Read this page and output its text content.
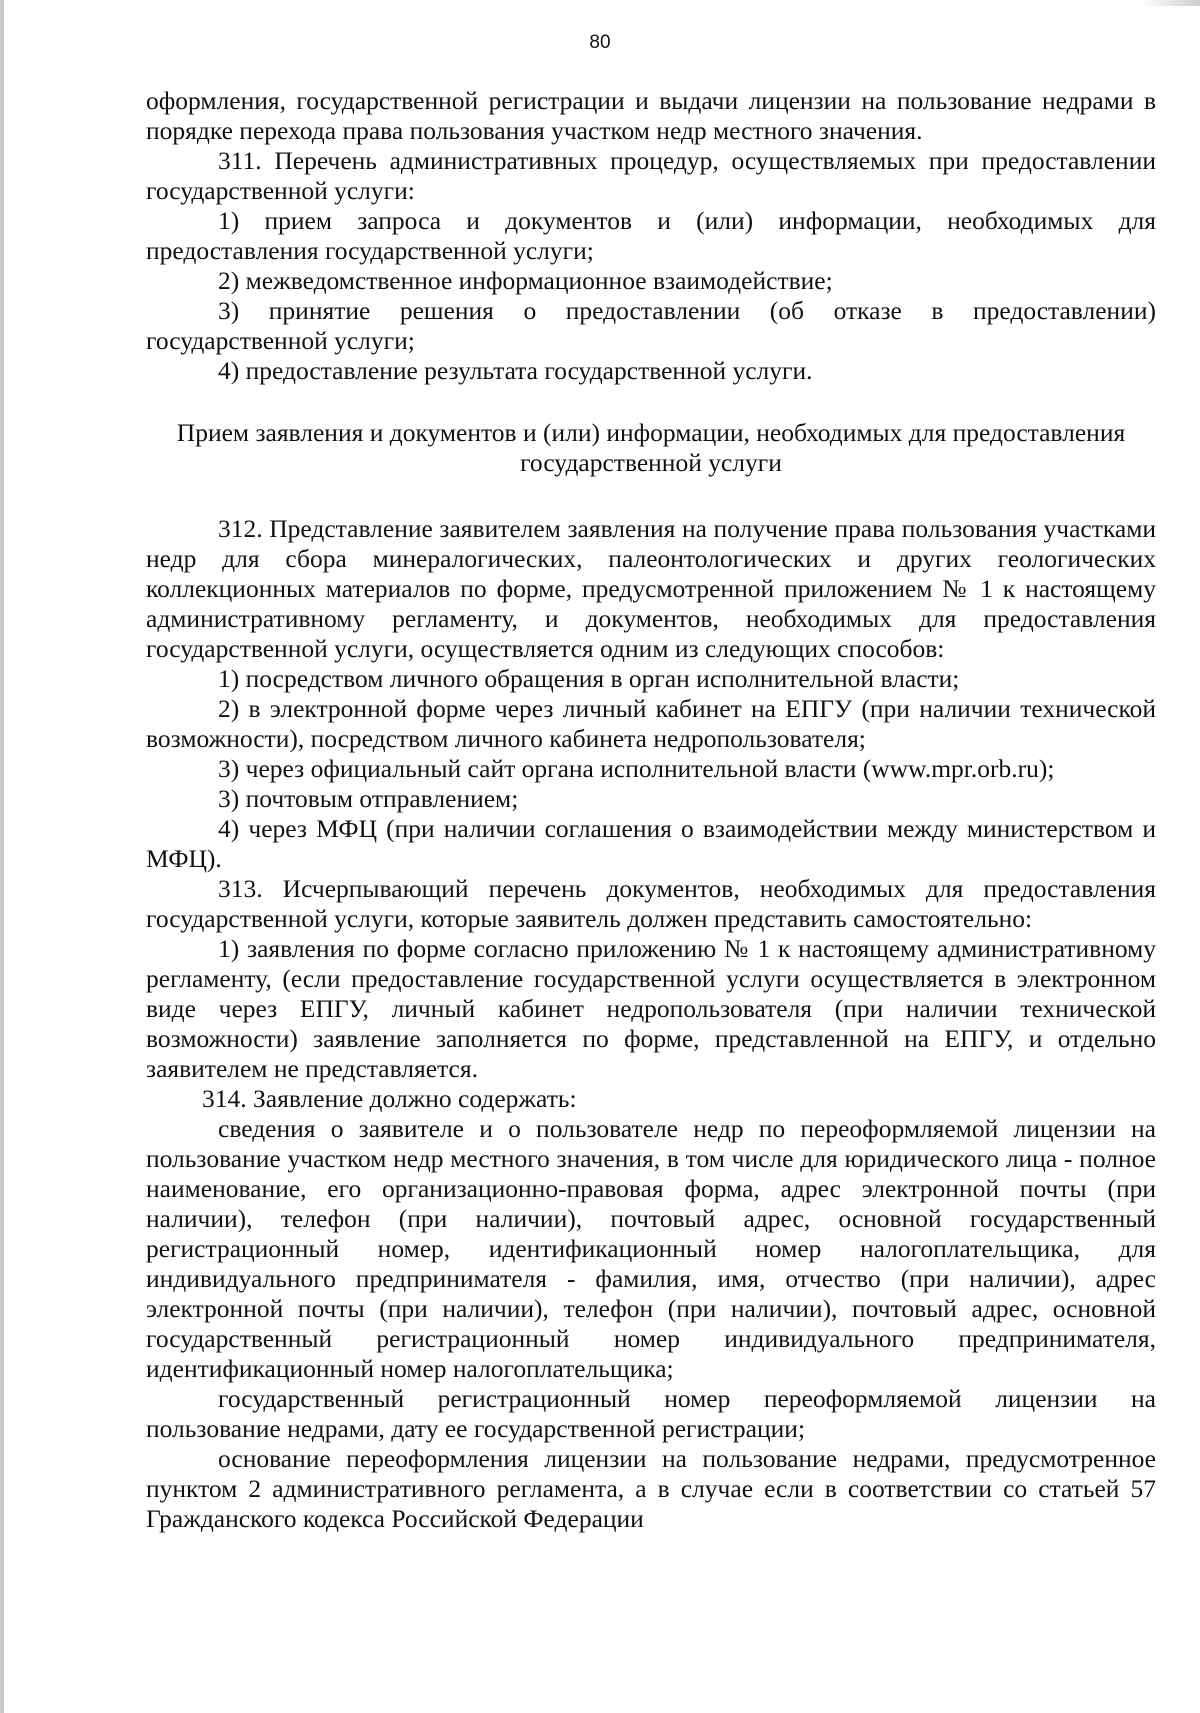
80

оформления, государственной регистрации и выдачи лицензии на пользование недрами в порядке перехода права пользования участком недр местного значения.

311. Перечень административных процедур, осуществляемых при предоставлении государственной услуги:

1) прием запроса и документов и (или) информации, необходимых для предоставления государственной услуги;

2) межведомственное информационное взаимодействие;

3) принятие решения о предоставлении (об отказе в предоставлении) государственной услуги;

4) предоставление результата государственной услуги.

Прием заявления и документов и (или) информации, необходимых для предоставления государственной услуги

312. Представление заявителем заявления на получение права пользования участками недр для сбора минералогических, палеонтологических и других геологических коллекционных материалов по форме, предусмотренной приложением № 1 к настоящему административному регламенту, и документов, необходимых для предоставления государственной услуги, осуществляется одним из следующих способов:

1) посредством личного обращения в орган исполнительной власти;

2) в электронной форме через личный кабинет на ЕПГУ (при наличии технической возможности), посредством личного кабинета недропользователя;

3) через официальный сайт органа исполнительной власти (www.mpr.orb.ru);

3) почтовым отправлением;

4) через МФЦ (при наличии соглашения о взаимодействии между министерством и МФЦ).

313. Исчерпывающий перечень документов, необходимых для предоставления государственной услуги, которые заявитель должен представить самостоятельно:

1) заявления по форме согласно приложению № 1 к настоящему административному регламенту, (если предоставление государственной услуги осуществляется в электронном виде через ЕПГУ, личный кабинет недропользователя (при наличии технической возможности) заявление заполняется по форме, представленной на ЕПГУ, и отдельно заявителем не представляется.

314. Заявление должно содержать:

сведения о заявителе и о пользователе недр по переоформляемой лицензии на пользование участком недр местного значения, в том числе для юридического лица - полное наименование, его организационно-правовая форма, адрес электронной почты (при наличии), телефон (при наличии), почтовый адрес, основной государственный регистрационный номер, идентификационный номер налогоплательщика, для индивидуального предпринимателя - фамилия, имя, отчество (при наличии), адрес электронной почты (при наличии), телефон (при наличии), почтовый адрес, основной государственный регистрационный номер индивидуального предпринимателя, идентификационный номер налогоплательщика;

государственный регистрационный номер переоформляемой лицензии на пользование недрами, дату ее государственной регистрации;

основание переоформления лицензии на пользование недрами, предусмотренное пунктом 2 административного регламента, а в случае если в соответствии со статьей 57 Гражданского кодекса Российской Федерации
